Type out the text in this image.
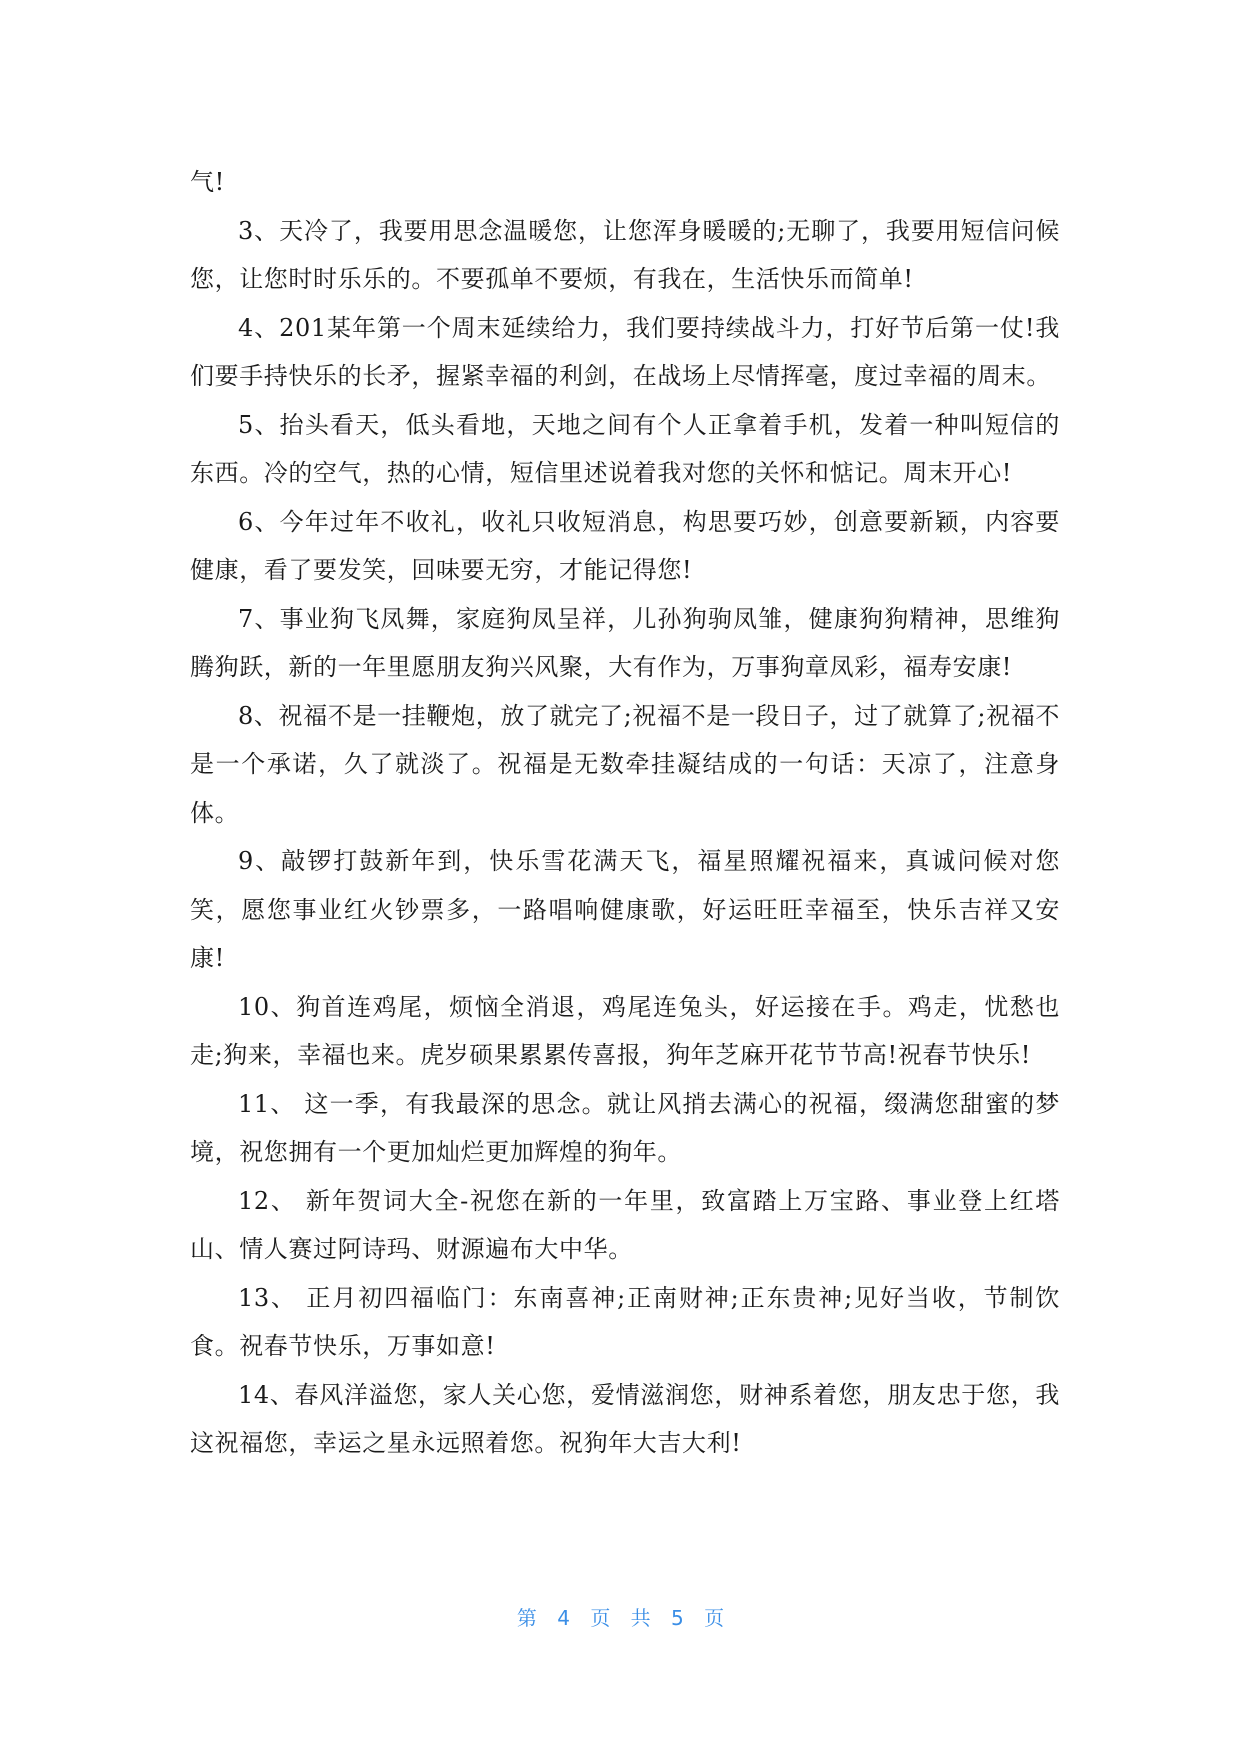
气!

3、天冷了，我要用思念温暖您，让您浑身暖暖的;无聊了，我要用短信问候您，让您时时乐乐的。不要孤单不要烦，有我在，生活快乐而简单!

4、201某年第一个周末延续给力，我们要持续战斗力，打好节后第一仗!我们要手持快乐的长矛，握紧幸福的利剑，在战场上尽情挥毫，度过幸福的周末。

5、抬头看天，低头看地，天地之间有个人正拿着手机，发着一种叫短信的东西。冷的空气，热的心情，短信里述说着我对您的关怀和惦记。周末开心!

6、今年过年不收礼，收礼只收短消息，构思要巧妙，创意要新颖，内容要健康，看了要发笑，回味要无穷，才能记得您!

7、事业狗飞凤舞，家庭狗凤呈祥，儿孙狗驹凤雏，健康狗狗精神，思维狗腾狗跃，新的一年里愿朋友狗兴风聚，大有作为，万事狗章凤彩，福寿安康!

8、祝福不是一挂鞭炮，放了就完了;祝福不是一段日子，过了就算了;祝福不是一个承诺，久了就淡了。祝福是无数牵挂凝结成的一句话：天凉了，注意身体。

9、敲锣打鼓新年到，快乐雪花满天飞，福星照耀祝福来，真诚问候对您笑，愿您事业红火钞票多，一路唱响健康歌，好运旺旺幸福至，快乐吉祥又安康!

10、狗首连鸡尾，烦恼全消退，鸡尾连兔头，好运接在手。鸡走，忧愁也走;狗来，幸福也来。虎岁硕果累累传喜报，狗年芝麻开花节节高!祝春节快乐!

11、 这一季，有我最深的思念。就让风捎去满心的祝福，缀满您甜蜜的梦境，祝您拥有一个更加灿烂更加辉煌的狗年。

12、 新年贺词大全-祝您在新的一年里，致富踏上万宝路、事业登上红塔山、情人赛过阿诗玛、财源遍布大中华。

13、 正月初四福临门：东南喜神;正南财神;正东贵神;见好当收，节制饮食。祝春节快乐，万事如意!

14、春风洋溢您，家人关心您，爱情滋润您，财神系着您，朋友忠于您，我这祝福您，幸运之星永远照着您。祝狗年大吉大利!

第 4 页 共 5 页
